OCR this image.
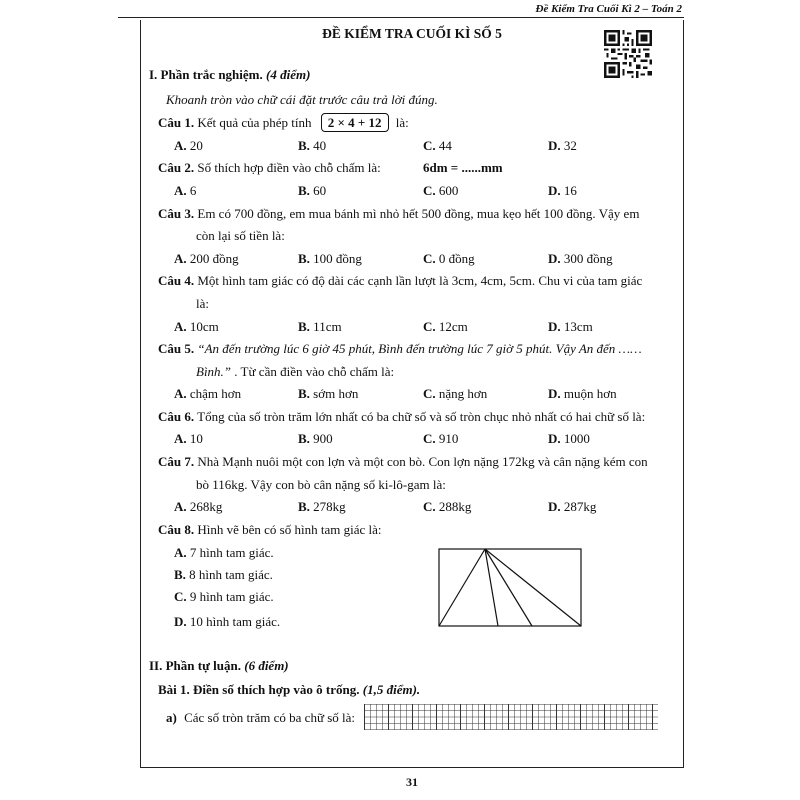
Đề Kiểm Tra Cuối Kì 2 – Toán 2
ĐỀ KIỂM TRA CUỐI KÌ SỐ 5
I. Phần trắc nghiệm. (4 điểm)
Khoanh tròn vào chữ cái đặt trước câu trả lời đúng.
Câu 1. Kết quả của phép tính 2 × 4 + 12 là:
A. 20	B. 40	C. 44	D. 32
Câu 2. Số thích hợp điền vào chỗ chấm là:	6dm = ......mm
A. 6	B. 60	C. 600	D. 16
Câu 3. Em có 700 đồng, em mua bánh mì nhỏ hết 500 đồng, mua kẹo hết 100 đồng. Vậy em
còn lại số tiền là:
A. 200 đồng	B. 100 đồng	C. 0 đồng	D. 300 đồng
Câu 4. Một hình tam giác có độ dài các cạnh lần lượt là 3cm, 4cm, 5cm. Chu vi của tam giác
là:
A. 10cm	B. 11cm	C. 12cm	D. 13cm
Câu 5. “An đến trường lúc 6 giờ 45 phút, Bình đến trường lúc 7 giờ 5 phút. Vậy An đến ……
Bình.” . Từ cần điền vào chỗ chấm là:
A. chậm hơn	B. sớm hơn	C. nặng hơn	D. muộn hơn
Câu 6. Tổng của số tròn trăm lớn nhất có ba chữ số và số tròn chục nhỏ nhất có hai chữ số là:
A. 10	B. 900	C. 910	D. 1000
Câu 7. Nhà Mạnh nuôi một con lợn và một con bò. Con lợn nặng 172kg và cân nặng kém con
bò 116kg. Vậy con bò cân nặng số ki-lô-gam là:
A. 268kg	B. 278kg	C. 288kg	D. 287kg
Câu 8. Hình vẽ bên có số hình tam giác là:
A. 7 hình tam giác.
B. 8 hình tam giác.
C. 9 hình tam giác.
D. 10 hình tam giác.
II. Phần tự luận. (6 điểm)
Bài 1. Điền số thích hợp vào ô trống. (1,5 điểm).
a) Các số tròn trăm có ba chữ số là:
31
